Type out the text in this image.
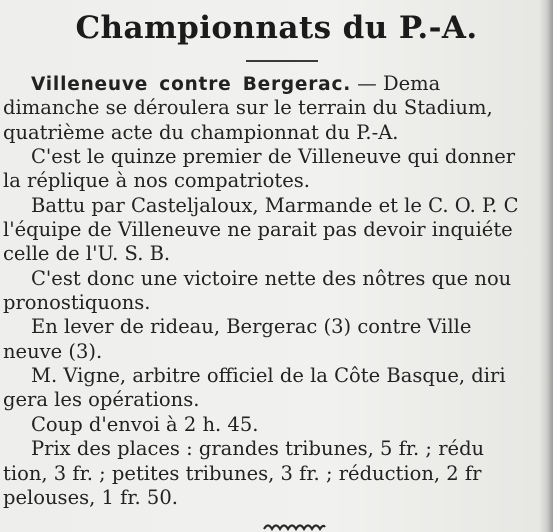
Championnats du P.-A.
Villeneuve contre Bergerac. — Dema
dimanche se déroulera sur le terrain du Stadium,
quatrième acte du championnat du P.-A.
C'est le quinze premier de Villeneuve qui donner
la réplique à nos compatriotes.
Battu par Casteljaloux, Marmande et le C. O. P. C
l'équipe de Villeneuve ne parait pas devoir inquiéte
celle de l'U. S. B.
C'est donc une victoire nette des nôtres que nou
pronostiquons.
En lever de rideau, Bergerac (3) contre Ville
neuve (3).
M. Vigne, arbitre officiel de la Côte Basque, diri
gera les opérations.
Coup d'envoi à 2 h. 45.
Prix des places : grandes tribunes, 5 fr. ; rédu
tion, 3 fr. ; petites tribunes, 3 fr. ; réduction, 2 fr
pelouses, 1 fr. 50.
